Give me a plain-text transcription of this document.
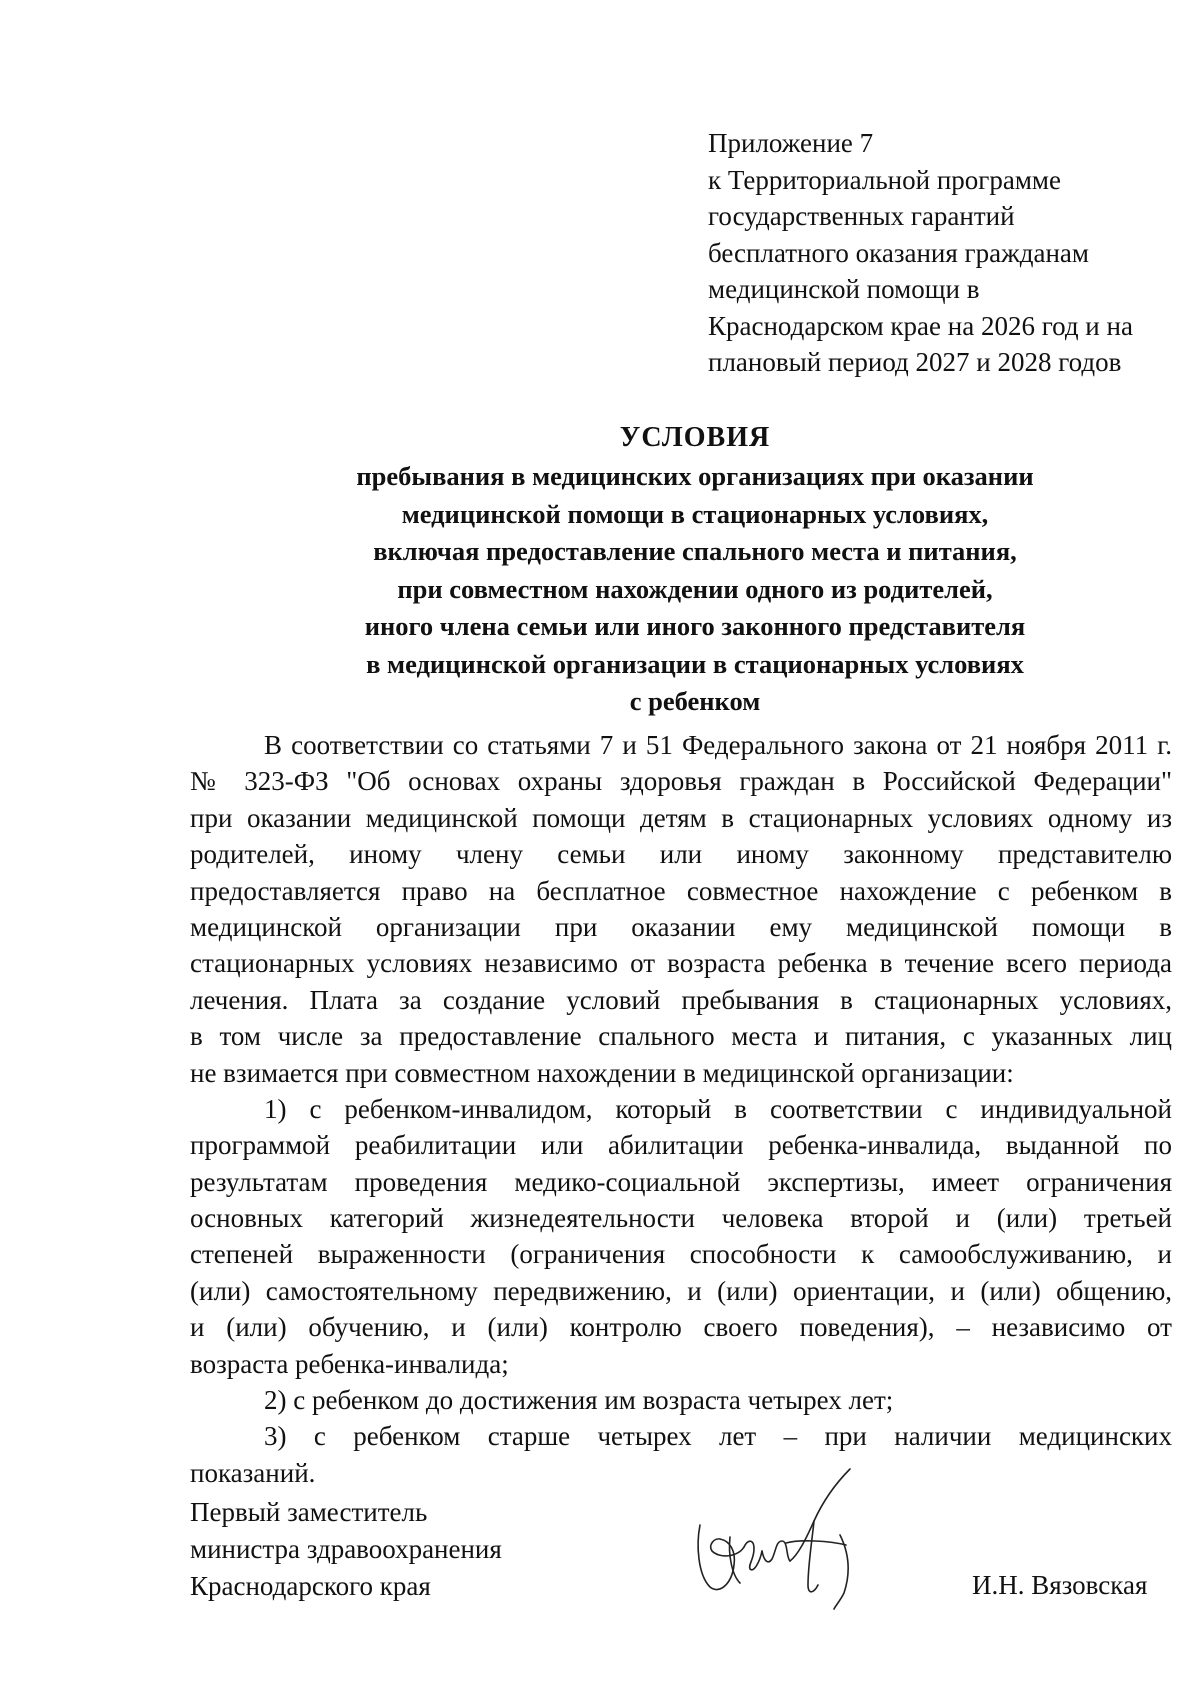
Приложение 7
к Территориальной программе
государственных гарантий
бесплатного оказания гражданам
медицинской помощи в
Краснодарском крае на 2026 год и на
плановый период 2027 и 2028 годов
УСЛОВИЯ
пребывания в медицинских организациях при оказании
медицинской помощи в стационарных условиях,
включая предоставление спального места и питания,
при совместном нахождении одного из родителей,
иного члена семьи или иного законного представителя
в медицинской организации в стационарных условиях
с ребенком
В соответствии со статьями 7 и 51 Федерального закона от 21 ноября 2011 г.
№ 323-ФЗ "Об основах охраны здоровья граждан в Российской Федерации"
при оказании медицинской помощи детям в стационарных условиях одному из
родителей, иному члену семьи или иному законному представителю
предоставляется право на бесплатное совместное нахождение с ребенком в
медицинской организации при оказании ему медицинской помощи в
стационарных условиях независимо от возраста ребенка в течение всего периода
лечения. Плата за создание условий пребывания в стационарных условиях,
в том числе за предоставление спального места и питания, с указанных лиц
не взимается при совместном нахождении в медицинской организации:
1) с ребенком-инвалидом, который в соответствии с индивидуальной
программой реабилитации или абилитации ребенка-инвалида, выданной по
результатам проведения медико-социальной экспертизы, имеет ограничения
основных категорий жизнедеятельности человека второй и (или) третьей
степеней выраженности (ограничения способности к самообслуживанию, и
(или) самостоятельному передвижению, и (или) ориентации, и (или) общению,
и (или) обучению, и (или) контролю своего поведения), – независимо от
возраста ребенка-инвалида;
2) с ребенком до достижения им возраста четырех лет;
3) с ребенком старше четырех лет – при наличии медицинских
показаний.
Первый заместитель
министра здравоохранения
Краснодарского края	И.Н. Вязовская
